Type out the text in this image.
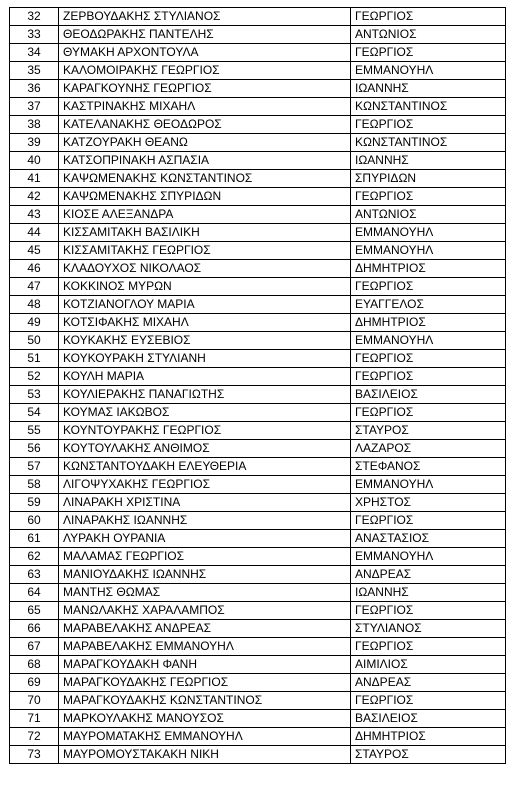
32	ΖΕΡΒΟΥΔΑΚΗΣ ΣΤΥΛΙΑΝΟΣ	ΓΕΩΡΓΙΟΣ
33	ΘΕΟΔΩΡΑΚΗΣ ΠΑΝΤΕΛΗΣ	ΑΝΤΩΝΙΟΣ
34	ΘΥΜΑΚΗ ΑΡΧΟΝΤΟΥΛΑ	ΓΕΩΡΓΙΟΣ
35	ΚΑΛΟΜΟΙΡΑΚΗΣ ΓΕΩΡΓΙΟΣ	ΕΜΜΑΝΟΥΗΛ
36	ΚΑΡΑΓΚΟΥΝΗΣ ΓΕΩΡΓΙΟΣ	ΙΩΑΝΝΗΣ
37	ΚΑΣΤΡΙΝΑΚΗΣ ΜΙΧΑΗΛ	ΚΩΝΣΤΑΝΤΙΝΟΣ
38	ΚΑΤΕΛΑΝΑΚΗΣ ΘΕΟΔΩΡΟΣ	ΓΕΩΡΓΙΟΣ
39	ΚΑΤΖΟΥΡΑΚΗ ΘΕΑΝΩ	ΚΩΝΣΤΑΝΤΙΝΟΣ
40	ΚΑΤΣΟΠΡΙΝΑΚΗ ΑΣΠΑΣΙΑ	ΙΩΑΝΝΗΣ
41	ΚΑΨΩΜΕΝΑΚΗΣ ΚΩΝΣΤΑΝΤΙΝΟΣ	ΣΠΥΡΙΔΩΝ
42	ΚΑΨΩΜΕΝΑΚΗΣ ΣΠΥΡΙΔΩΝ	ΓΕΩΡΓΙΟΣ
43	ΚΙΟΣΕ ΑΛΕΞΑΝΔΡΑ	ΑΝΤΩΝΙΟΣ
44	ΚΙΣΣΑΜΙΤΑΚΗ ΒΑΣΙΛΙΚΗ	ΕΜΜΑΝΟΥΗΛ
45	ΚΙΣΣΑΜΙΤΑΚΗΣ ΓΕΩΡΓΙΟΣ	ΕΜΜΑΝΟΥΗΛ
46	ΚΛΑΔΟΥΧΟΣ ΝΙΚΟΛΑΟΣ	ΔΗΜΗΤΡΙΟΣ
47	ΚΟΚΚΙΝΟΣ ΜΥΡΩΝ	ΓΕΩΡΓΙΟΣ
48	ΚΟΤΖΙΑΝΟΓΛΟΥ ΜΑΡΙΑ	ΕΥΑΓΓΕΛΟΣ
49	ΚΟΤΣΙΦΑΚΗΣ ΜΙΧΑΗΛ	ΔΗΜΗΤΡΙΟΣ
50	ΚΟΥΚΑΚΗΣ ΕΥΣΕΒΙΟΣ	ΕΜΜΑΝΟΥΗΛ
51	ΚΟΥΚΟΥΡΑΚΗ ΣΤΥΛΙΑΝΗ	ΓΕΩΡΓΙΟΣ
52	ΚΟΥΛΗ ΜΑΡΙΑ	ΓΕΩΡΓΙΟΣ
53	ΚΟΥΛΙΕΡΑΚΗΣ ΠΑΝΑΓΙΩΤΗΣ	ΒΑΣΙΛΕΙΟΣ
54	ΚΟΥΜΑΣ ΙΑΚΩΒΟΣ	ΓΕΩΡΓΙΟΣ
55	ΚΟΥΝΤΟΥΡΑΚΗΣ ΓΕΩΡΓΙΟΣ	ΣΤΑΥΡΟΣ
56	ΚΟΥΤΟΥΛΑΚΗΣ ΑΝΘΙΜΟΣ	ΛΑΖΑΡΟΣ
57	ΚΩΝΣΤΑΝΤΟΥΔΑΚΗ ΕΛΕΥΘΕΡΙΑ	ΣΤΕΦΑΝΟΣ
58	ΛΙΓΟΨΥΧΑΚΗΣ ΓΕΩΡΓΙΟΣ	ΕΜΜΑΝΟΥΗΛ
59	ΛΙΝΑΡΑΚΗ ΧΡΙΣΤΙΝΑ	ΧΡΗΣΤΟΣ
60	ΛΙΝΑΡΑΚΗΣ ΙΩΑΝΝΗΣ	ΓΕΩΡΓΙΟΣ
61	ΛΥΡΑΚΗ ΟΥΡΑΝΙΑ	ΑΝΑΣΤΑΣΙΟΣ
62	ΜΑΛΑΜΑΣ ΓΕΩΡΓΙΟΣ	ΕΜΜΑΝΟΥΗΛ
63	ΜΑΝΙΟΥΔΑΚΗΣ ΙΩΑΝΝΗΣ	ΑΝΔΡΕΑΣ
64	ΜΑΝΤΗΣ ΘΩΜΑΣ	ΙΩΑΝΝΗΣ
65	ΜΑΝΩΛΑΚΗΣ ΧΑΡΑΛΑΜΠΟΣ	ΓΕΩΡΓΙΟΣ
66	ΜΑΡΑΒΕΛΑΚΗΣ ΑΝΔΡΕΑΣ	ΣΤΥΛΙΑΝΟΣ
67	ΜΑΡΑΒΕΛΑΚΗΣ ΕΜΜΑΝΟΥΗΛ	ΓΕΩΡΓΙΟΣ
68	ΜΑΡΑΓΚΟΥΔΑΚΗ ΦΑΝΗ	ΑΙΜΙΛΙΟΣ
69	ΜΑΡΑΓΚΟΥΔΑΚΗΣ ΓΕΩΡΓΙΟΣ	ΑΝΔΡΕΑΣ
70	ΜΑΡΑΓΚΟΥΔΑΚΗΣ ΚΩΝΣΤΑΝΤΙΝΟΣ	ΓΕΩΡΓΙΟΣ
71	ΜΑΡΚΟΥΛΑΚΗΣ ΜΑΝΟΥΣΟΣ	ΒΑΣΙΛΕΙΟΣ
72	ΜΑΥΡΟΜΑΤΑΚΗΣ ΕΜΜΑΝΟΥΗΛ	ΔΗΜΗΤΡΙΟΣ
73	ΜΑΥΡΟΜΟΥΣΤΑΚΑΚΗ ΝΙΚΗ	ΣΤΑΥΡΟΣ
